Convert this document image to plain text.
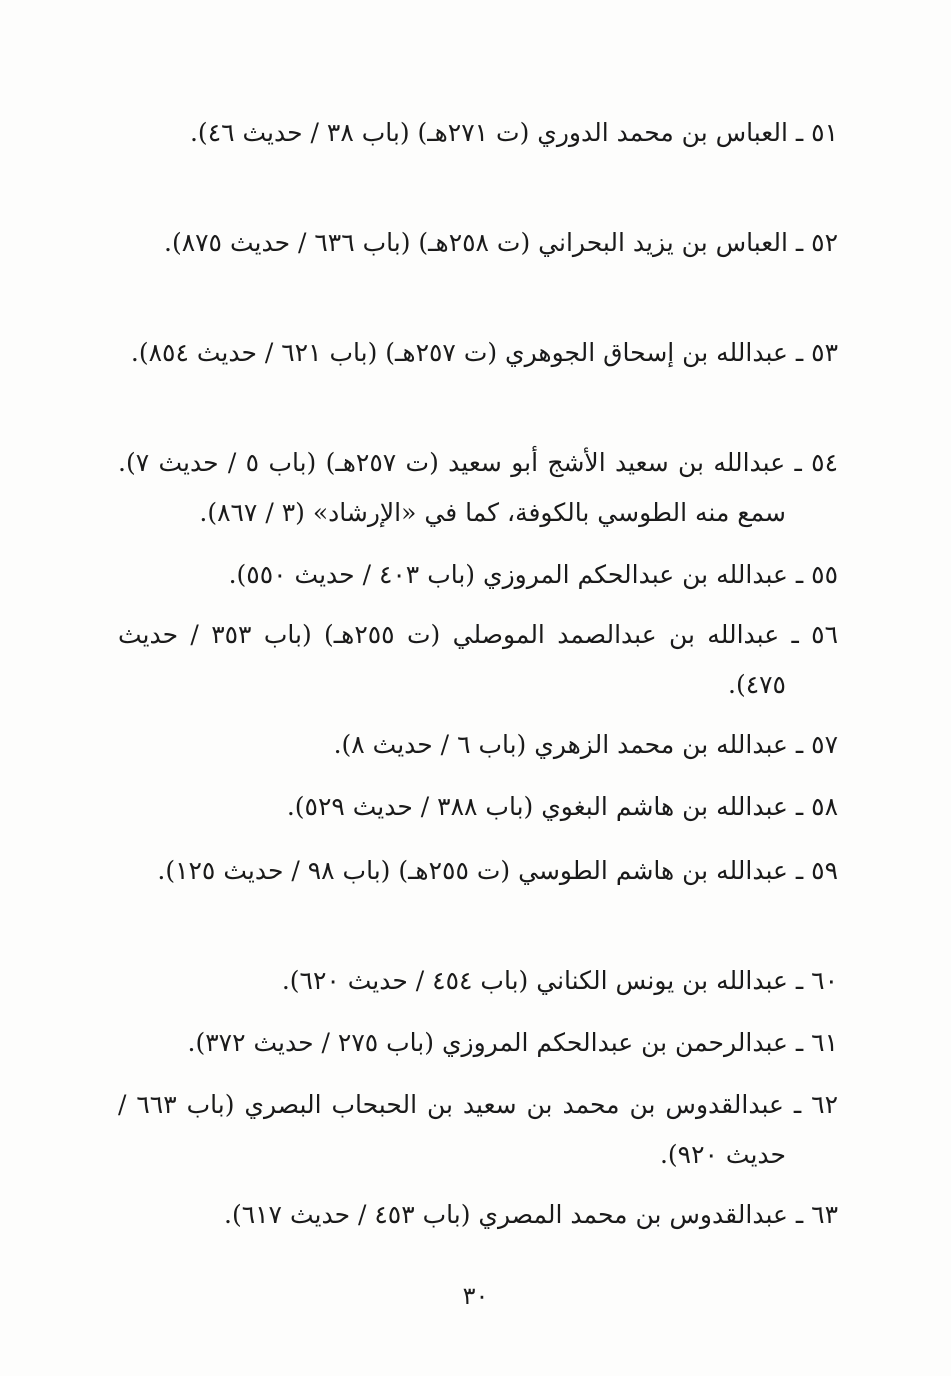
٥١ ـ العباس بن محمد الدوري (ت ٢٧١هـ) (باب ٣٨ / حديث ٤٦).

٥٢ ـ العباس بن يزيد البحراني (ت ٢٥٨هـ) (باب ٦٣٦ / حديث ٨٧٥).

٥٣ ـ عبدالله بن إسحاق الجوهري (ت ٢٥٧هـ) (باب ٦٢١ / حديث ٨٥٤).

٥٤ ـ عبدالله بن سعيد الأشج أبو سعيد (ت ٢٥٧هـ) (باب ٥ / حديث ٧). سمع منه الطوسي بالكوفة، كما في «الإرشاد» (٣ / ٨٦٧).

٥٥ ـ عبدالله بن عبدالحكم المروزي (باب ٤٠٣ / حديث ٥٥٠).

٥٦ ـ عبدالله بن عبدالصمد الموصلي (ت ٢٥٥هـ) (باب ٣٥٣ / حديث ٤٧٥).

٥٧ ـ عبدالله بن محمد الزهري (باب ٦ / حديث ٨).

٥٨ ـ عبدالله بن هاشم البغوي (باب ٣٨٨ / حديث ٥٢٩).

٥٩ ـ عبدالله بن هاشم الطوسي (ت ٢٥٥هـ) (باب ٩٨ / حديث ١٢٥).

٦٠ ـ عبدالله بن يونس الكناني (باب ٤٥٤ / حديث ٦٢٠).

٦١ ـ عبدالرحمن بن عبدالحكم المروزي (باب ٢٧٥ / حديث ٣٧٢).

٦٢ ـ عبدالقدوس بن محمد بن سعيد بن الحبحاب البصري (باب ٦٦٣ / حديث ٩٢٠).

٦٣ ـ عبدالقدوس بن محمد المصري (باب ٤٥٣ / حديث ٦١٧).

٣٠
